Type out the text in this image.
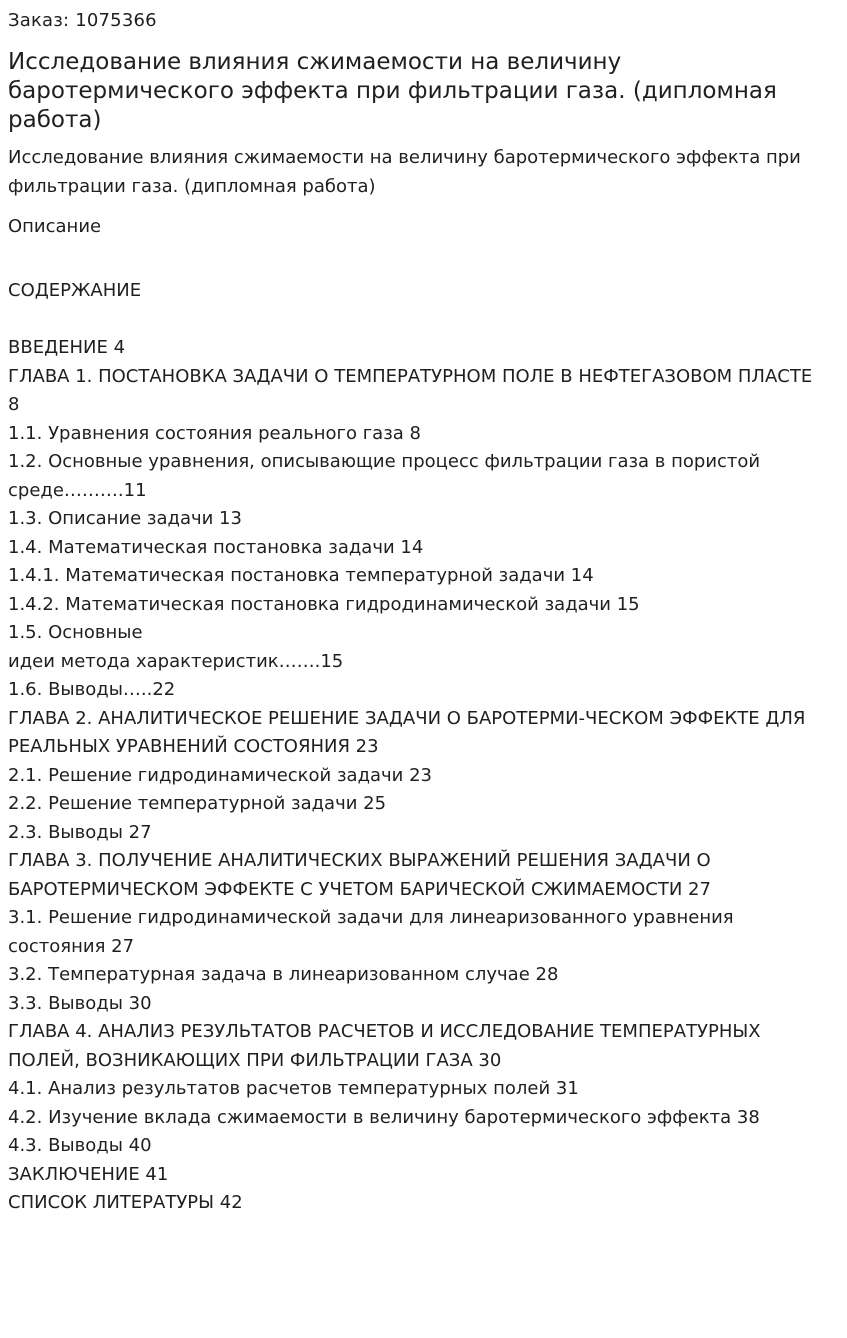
Заказ: 1075366
Исследование влияния сжимаемости на величину баротермического эффекта при фильтрации газа. (дипломная работа)

Исследование влияния сжимаемости на величину баротермического эффекта при фильтрации газа. (дипломная работа)

Описание
СОДЕРЖАНИЕ
ВВЕДЕНИЕ 4
ГЛАВА 1. ПОСТАНОВКА ЗАДАЧИ О ТЕМПЕРАТУРНОМ ПОЛЕ В НЕФТЕГАЗОВОМ ПЛАСТЕ 8
1.1. Уравнения состояния реального газа 8
1.2. Основные уравнения, описывающие процесс фильтрации газа в пористой среде……….11
1.3. Описание задачи 13
1.4. Математическая постановка задачи 14
1.4.1. Математическая постановка температурной задачи 14
1.4.2. Математическая постановка гидродинамической задачи 15
1.5. Основные
идеи метода характеристик…….15
1.6. Выводы…..22
ГЛАВА 2. АНАЛИТИЧЕСКОЕ РЕШЕНИЕ ЗАДАЧИ О БАРОТЕРМИ-ЧЕСКОМ ЭФФЕКТЕ ДЛЯ РЕАЛЬНЫХ УРАВНЕНИЙ СОСТОЯНИЯ 23
2.1. Решение гидродинамической задачи 23
2.2. Решение температурной задачи 25
2.3. Выводы 27
ГЛАВА 3. ПОЛУЧЕНИЕ АНАЛИТИЧЕСКИХ ВЫРАЖЕНИЙ РЕШЕНИЯ ЗАДАЧИ О БАРОТЕРМИЧЕСКОМ ЭФФЕКТЕ С УЧЕТОМ БАРИЧЕСКОЙ СЖИМАЕМОСТИ 27
3.1. Решение гидродинамической задачи для линеаризованного уравнения состояния 27
3.2. Температурная задача в линеаризованном случае 28
3.3. Выводы 30
ГЛАВА 4. АНАЛИЗ РЕЗУЛЬТАТОВ РАСЧЕТОВ И ИССЛЕДОВАНИЕ ТЕМПЕРАТУРНЫХ ПОЛЕЙ, ВОЗНИКАЮЩИХ ПРИ ФИЛЬТРАЦИИ ГАЗА 30
4.1. Анализ результатов расчетов температурных полей 31
4.2. Изучение вклада сжимаемости в величину баротермического эффекта 38
4.3. Выводы 40
ЗАКЛЮЧЕНИЕ 41
СПИСОК ЛИТЕРАТУРЫ 42
